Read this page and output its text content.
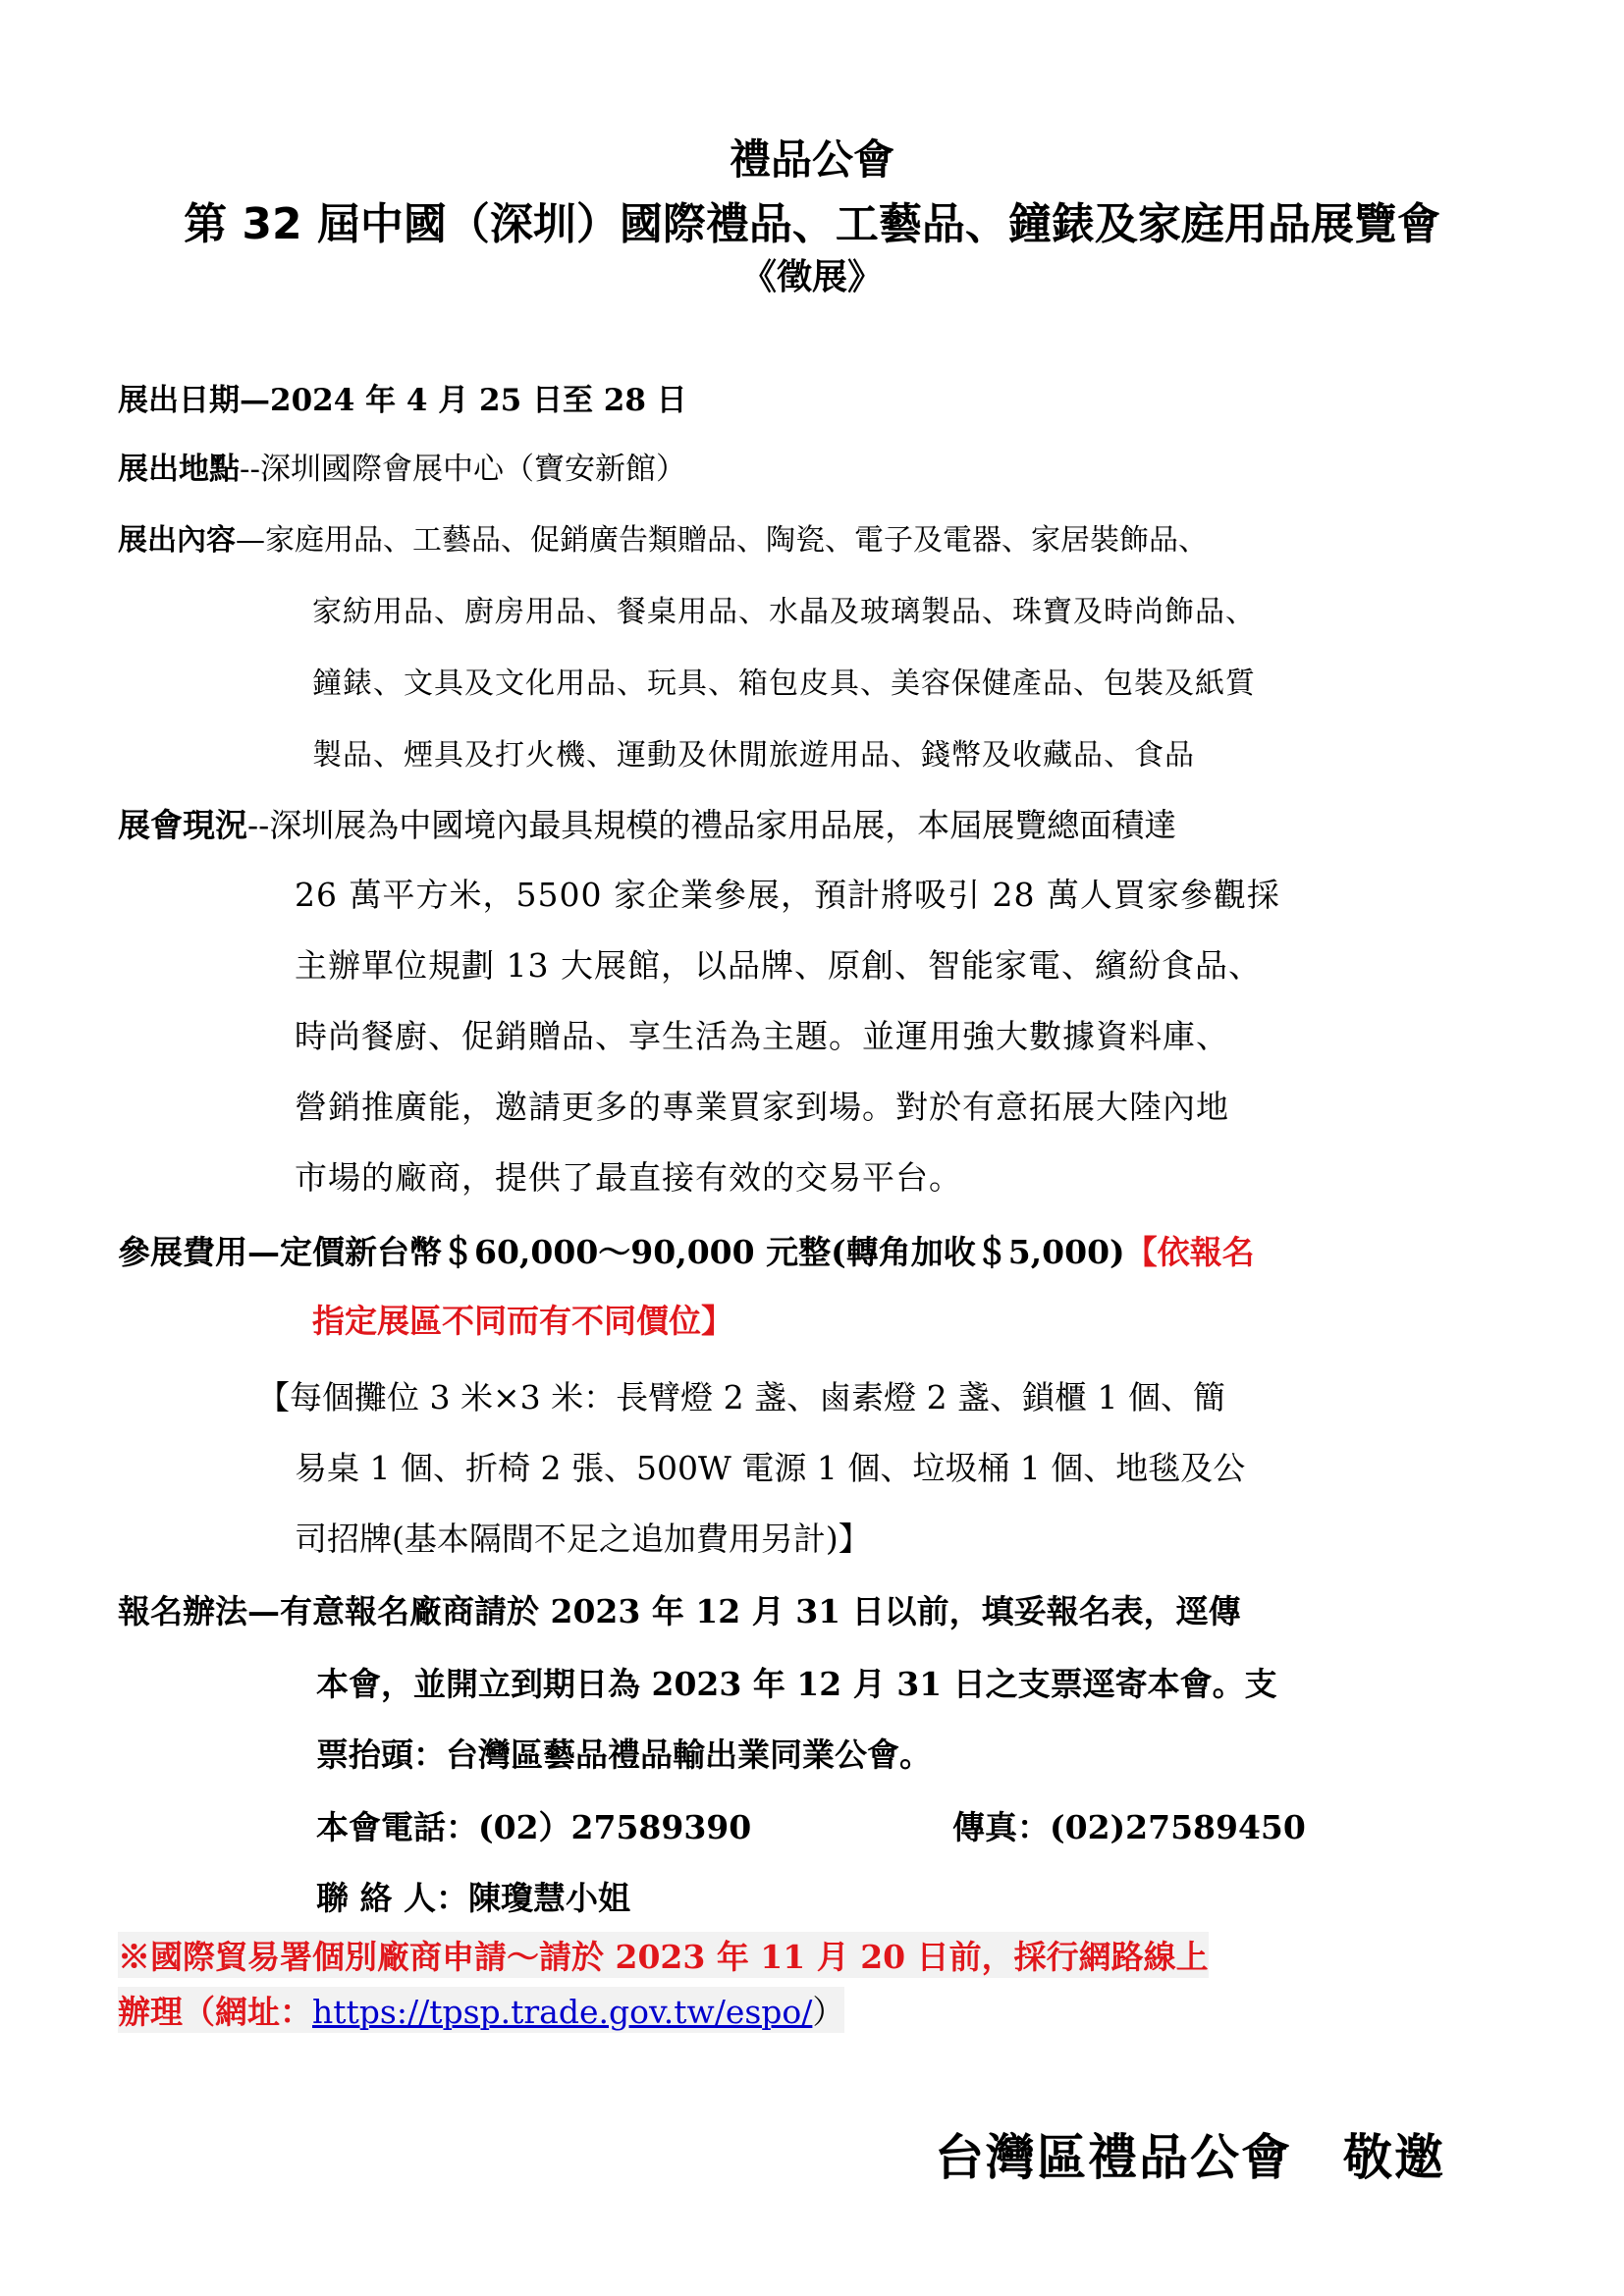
禮品公會
第 32 屆中國（深圳）國際禮品、工藝品、鐘錶及家庭用品展覽會
《徵展》
展出日期—2024 年 4 月 25 日至 28 日
展出地點--深圳國際會展中心（寶安新館）
展出內容—家庭用品、工藝品、促銷廣告類贈品、陶瓷、電子及電器、家居裝飾品、
家紡用品、廚房用品、餐桌用品、水晶及玻璃製品、珠寶及時尚飾品、
鐘錶、文具及文化用品、玩具、箱包皮具、美容保健產品、包裝及紙質
製品、煙具及打火機、運動及休閒旅遊用品、錢幣及收藏品、食品
展會現況--深圳展為中國境內最具規模的禮品家用品展，本屆展覽總面積達
26 萬平方米，5500 家企業參展，預計將吸引 28 萬人買家參觀採
主辦單位規劃 13 大展館，以品牌、原創、智能家電、繽紛食品、
時尚餐廚、促銷贈品、享生活為主題。並運用強大數據資料庫、
營銷推廣能，邀請更多的專業買家到場。對於有意拓展大陸內地
市場的廠商，提供了最直接有效的交易平台。
參展費用—定價新台幣＄60,000～90,000 元整(轉角加收＄5,000)【依報名
指定展區不同而有不同價位】
【每個攤位 3 米×3 米：長臂燈 2 盞、鹵素燈 2 盞、鎖櫃 1 個、簡
易桌 1 個、折椅 2 張、500W 電源 1 個、垃圾桶 1 個、地毯及公
司招牌(基本隔間不足之追加費用另計)】
報名辦法—有意報名廠商請於 2023 年 12 月 31 日以前，填妥報名表，逕傳
本會，並開立到期日為 2023 年 12 月 31 日之支票逕寄本會。支
票抬頭：台灣區藝品禮品輸出業同業公會。
本會電話：(02）27589390	傳真：(02)27589450
聯 絡 人：陳瓊慧小姐
※國際貿易署個別廠商申請～請於 2023 年 11 月 20 日前，採行網路線上
辦理（網址：https://tpsp.trade.gov.tw/espo/）
台灣區禮品公會　敬邀
